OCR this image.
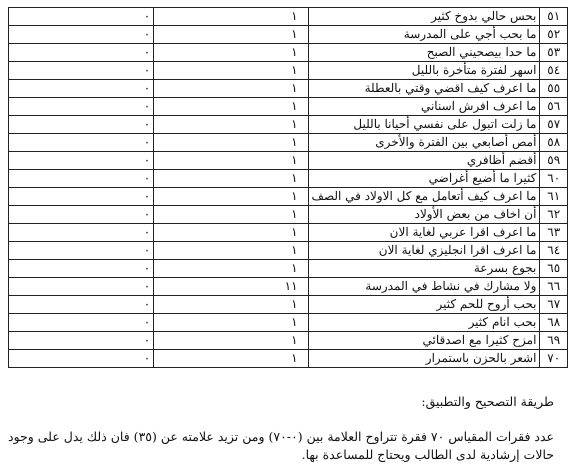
٠	١	بحس حالي بدوخ كثير	٥١
٠	١	ما بحب أجي على المدرسة	٥٢
٠	١	ما حدا بيصحيني الصبح	٥٣
٠	١	اسهر لفترة متأخرة بالليل	٥٤
٠	١	ما اعرف كيف اقضي وقتي بالعطلة	٥٥
٠	١	ما اعرف افرش اسناني	٥٦
٠	١	ما زلت اتبول على نفسي أحيانا بالليل	٥٧
٠	١	أمص أصابعي بين الفترة والأخرى	٥٨
٠	١	أقضم أظافري	٥٩
٠	١	كثيرا ما أضيع أغراضي	٦٠
٠	١	ما اعرف كيف أتعامل مع كل الاولاد في الصف	٦١
٠	١	أن اخاف من بعض الأولاد	٦٢
٠	١	ما اعرف اقرا عربي لغاية الان	٦٣
٠	١	ما اعرف اقرا انجليزي لغاية الان	٦٤
٠	١	بجوع بسرعة	٦٥
٠	١١	ولا مشارك في نشاط في المدرسة	٦٦
٠	١	بحب أروح للحم كثير	٦٧
٠	١	بحب انام كثير	٦٨
٠	١	امزح كثيرا مع اصدقائي	٦٩
٠	١	اشعر بالحزن باستمرار	٧٠
طريقة التصحيح والتطبيق:
عدد فقرات المقياس ٧٠ فقرة تتراوح العلامة بين (٠-٧٠) ومن تزيد علامته عن (٣٥) فان ذلك يدل على وجود حالات إرشادية لدى الطالب ويحتاج للمساعدة بها.
